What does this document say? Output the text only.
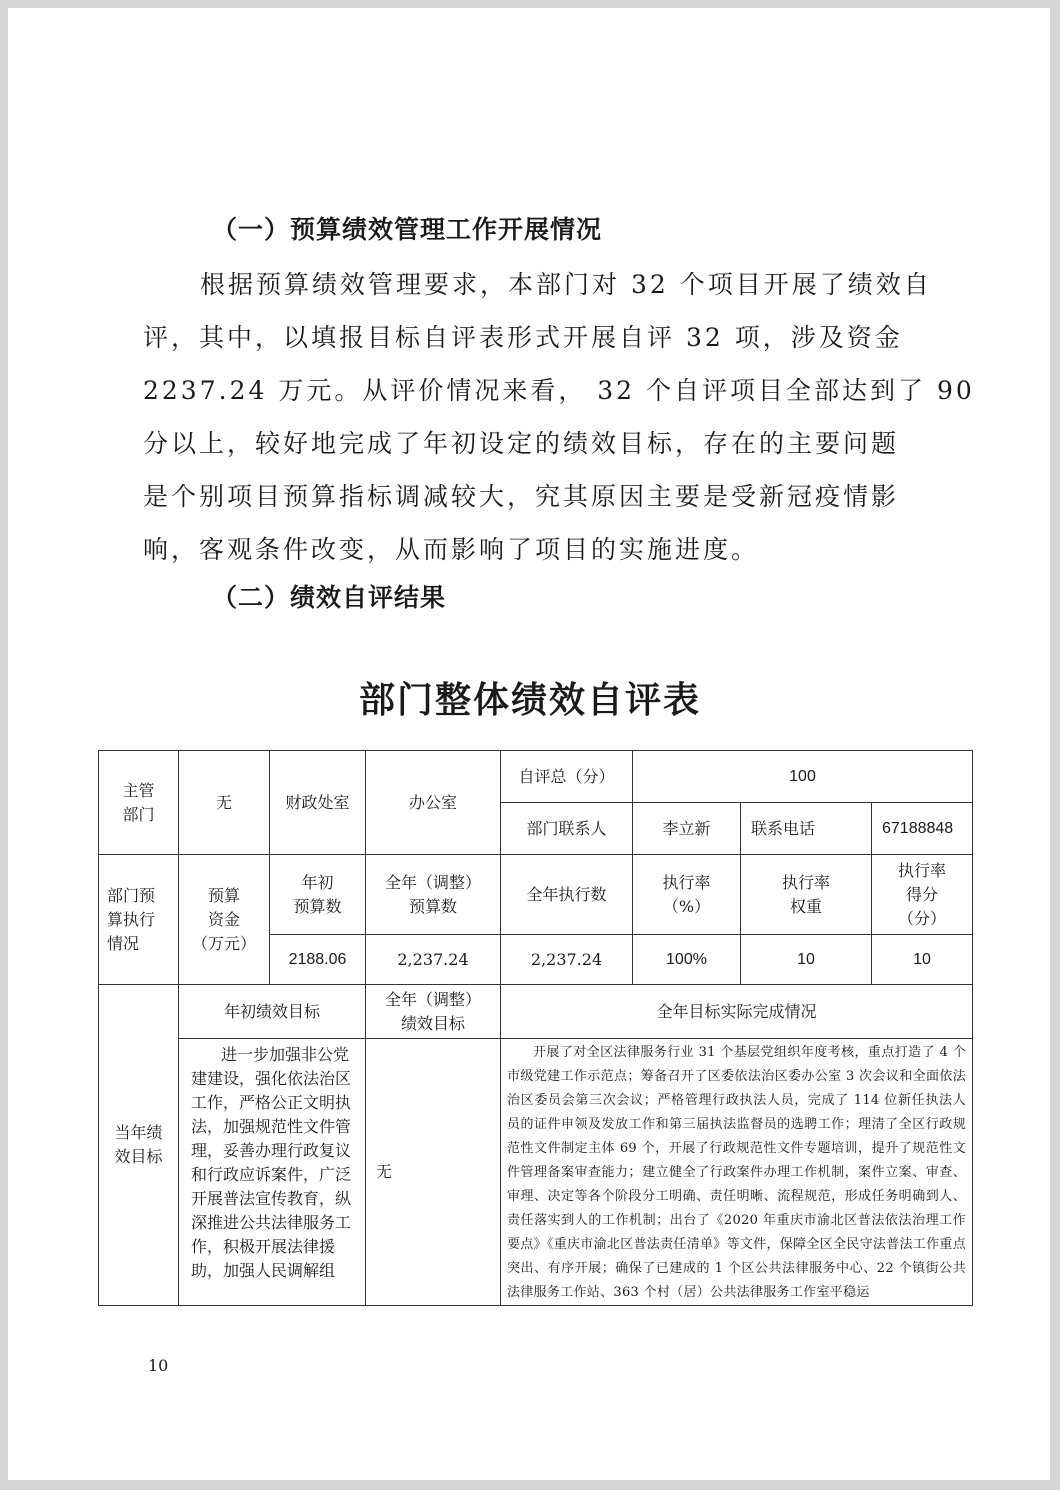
（一）预算绩效管理工作开展情况

根据预算绩效管理要求，本部门对 32 个项目开展了绩效自

评，其中，以填报目标自评表形式开展自评 32 项，涉及资金

2237.24 万元。从评价情况来看， 32 个自评项目全部达到了 90

分以上，较好地完成了年初设定的绩效目标，存在的主要问题

是个别项目预算指标调减较大，究其原因主要是受新冠疫情影

响，客观条件改变，从而影响了项目的实施进度。

（二）绩效自评结果
部门整体绩效自评表
主管
部门	无	财政处室	办公室	自评总（分）	100		
				部门联系人	李立新	联系电话	67188848
部门预
算执行
情况	预算
资金
（万元）	年初
预算数	全年（调整）
预算数	全年执行数	执行率
（%）	执行率
权重	执行率
得分
（分）
		2188.06	2,237.24	2,237.24	100%	10	10
当年绩
效目标	年初绩效目标		全年（调整）
绩效目标	全年目标实际完成情况			
	进一步加强非公党建建设，强化依法治区工作，严格公正文明执法，加强规范性文件管理，妥善办理行政复议和行政应诉案件，广泛开展普法宣传教育，纵深推进公共法律服务工作，积极开展法律援助，加强人民调解组		无	开展了对全区法律服务行业 31 个基层党组织年度考核，重点打造了 4 个市级党建工作示范点；筹备召开了区委依法治区委办公室 3 次会议和全面依法治区委员会第三次会议；严格管理行政执法人员，完成了 114 位新任执法人员的证件申领及发放工作和第三届执法监督员的选聘工作；理清了全区行政规范性文件制定主体 69 个，开展了行政规范性文件专题培训，提升了规范性文件管理备案审查能力；建立健全了行政案件办理工作机制，案件立案、审查、审理、决定等各个阶段分工明确、责任明晰、流程规范，形成任务明确到人、责任落实到人的工作机制；出台了《2020 年重庆市渝北区普法依法治理工作要点》《重庆市渝北区普法责任清单》等文件，保障全区全民守法普法工作重点突出、有序开展；确保了已建成的 1 个区公共法律服务中心、22 个镇街公共法律服务工作站、363 个村（居）公共法律服务工作室平稳运			
10
